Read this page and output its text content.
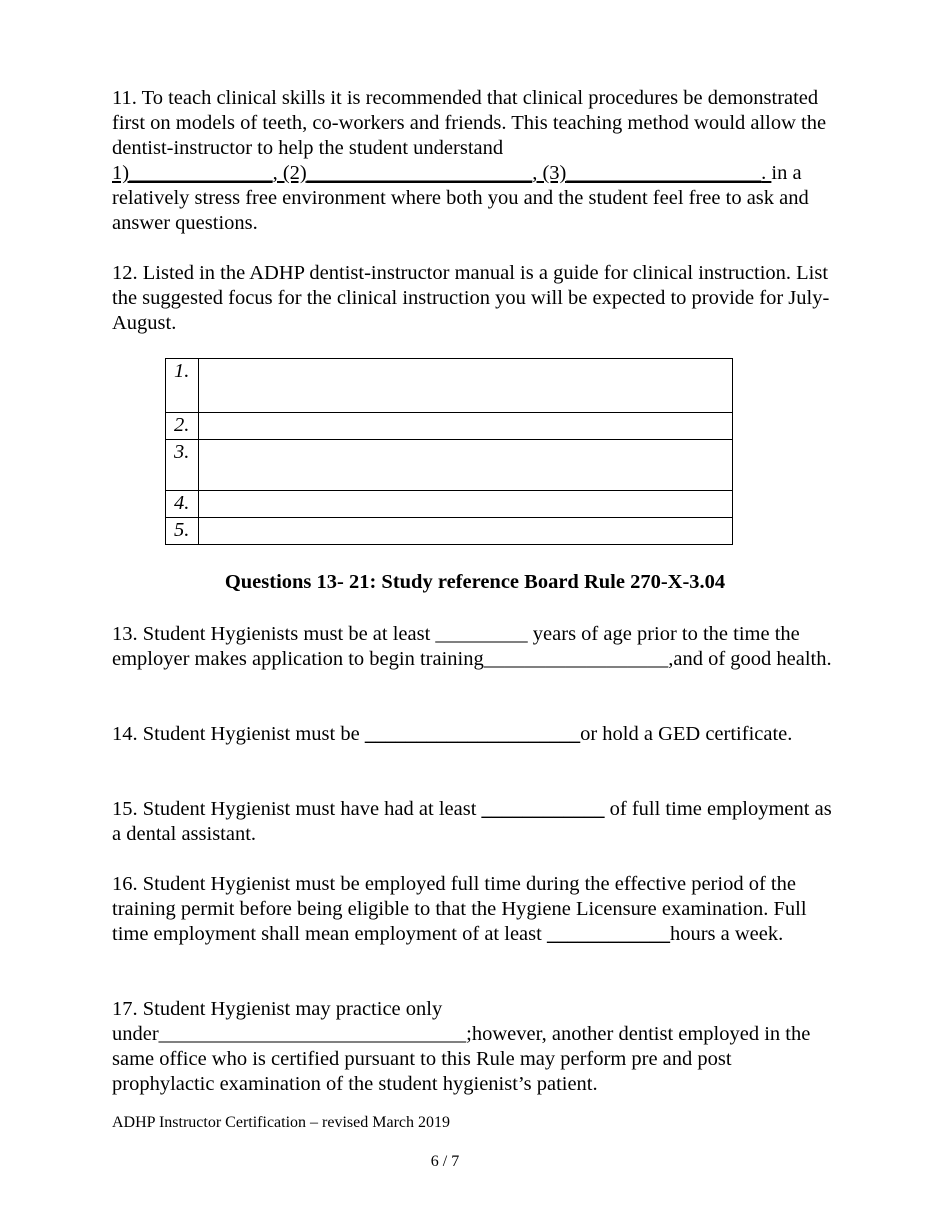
11. To teach clinical skills it is recommended that clinical procedures be demonstrated first on models of teeth, co-workers and friends. This teaching method would allow the dentist-instructor to help the student understand 1)______________, (2)______________________, (3)___________________. in a relatively stress free environment where both you and the student feel free to ask and answer questions.
12. Listed in the ADHP dentist-instructor manual is a guide for clinical instruction. List the suggested focus for the clinical instruction you will be expected to provide for July-August.
1.	
2.	
3.	
4.	
5.	
Questions 13- 21: Study reference Board Rule 270-X-3.04
13. Student Hygienists must be at least _________ years of age prior to the time the employer makes application to begin training__________________,and of good health.
14. Student Hygienist must be _____________________or hold a GED certificate.
15. Student Hygienist must have had at least ____________ of full time employment as a dental assistant.
16. Student Hygienist must be employed full time during the effective period of the training permit before being eligible to that the Hygiene Licensure examination. Full time employment shall mean employment of at least ____________hours a week.
17. Student Hygienist may practice only under______________________________;however, another dentist employed in the same office who is certified pursuant to this Rule may perform pre and post prophylactic examination of the student hygienist’s patient.
ADHP Instructor Certification – revised March 2019
6 / 7
